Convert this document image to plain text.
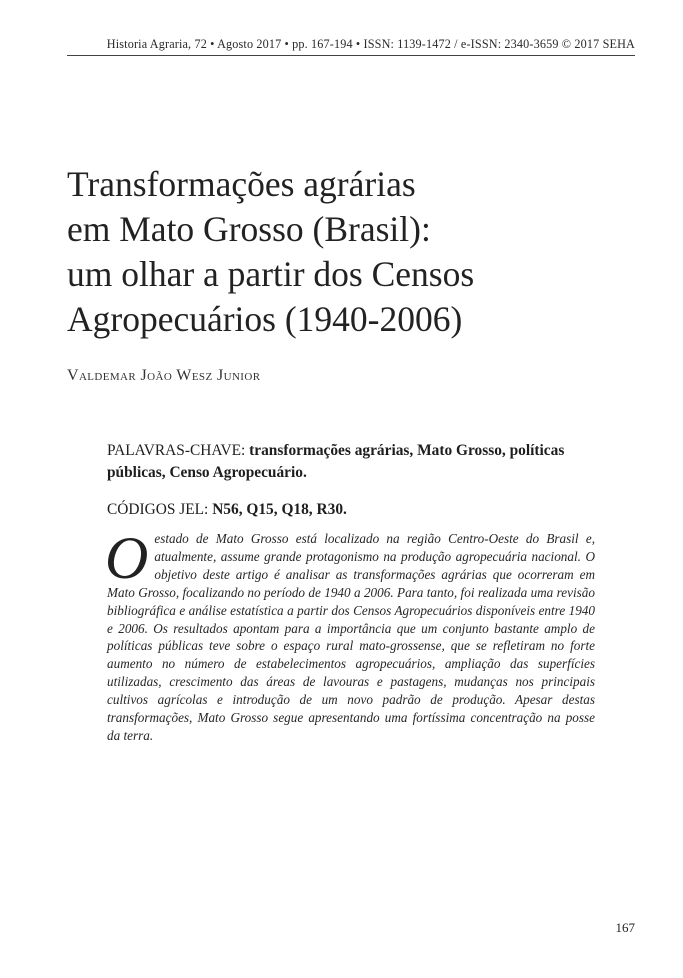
Historia Agraria, 72 • Agosto 2017 • pp. 167-194 • ISSN: 1139-1472 / e-ISSN: 2340-3659 © 2017 SEHA
Transformações agrárias
em Mato Grosso (Brasil):
um olhar a partir dos Censos
Agropecuários (1940-2006)

Valdemar João Wesz Junior

PALAVRAS-CHAVE: transformações agrárias, Mato Grosso, políticas públicas, Censo Agropecuário.

CÓDIGOS JEL: N56, Q15, Q18, R30.

Oestado de Mato Grosso está localizado na região Centro-Oeste do Brasil e, atualmente, assume grande protagonismo na produção agropecuária nacional. O objetivo deste artigo é analisar as transformações agrárias que ocorreram em Mato Grosso, focalizando no período de 1940 a 2006. Para tanto, foi realizada uma revisão bibliográfica e análise estatística a partir dos Censos Agropecuários disponíveis entre 1940 e 2006. Os resultados apontam para a importância que um conjunto bastante amplo de políticas públicas teve sobre o espaço rural mato-grossense, que se refletiram no forte aumento no número de estabelecimentos agropecuários, ampliação das superfícies utilizadas, crescimento das áreas de lavouras e pastagens, mudanças nos principais cultivos agrícolas e introdução de um novo padrão de produção. Apesar destas transformações, Mato Grosso segue apresentando uma fortíssima concentração na posse da terra.

167
